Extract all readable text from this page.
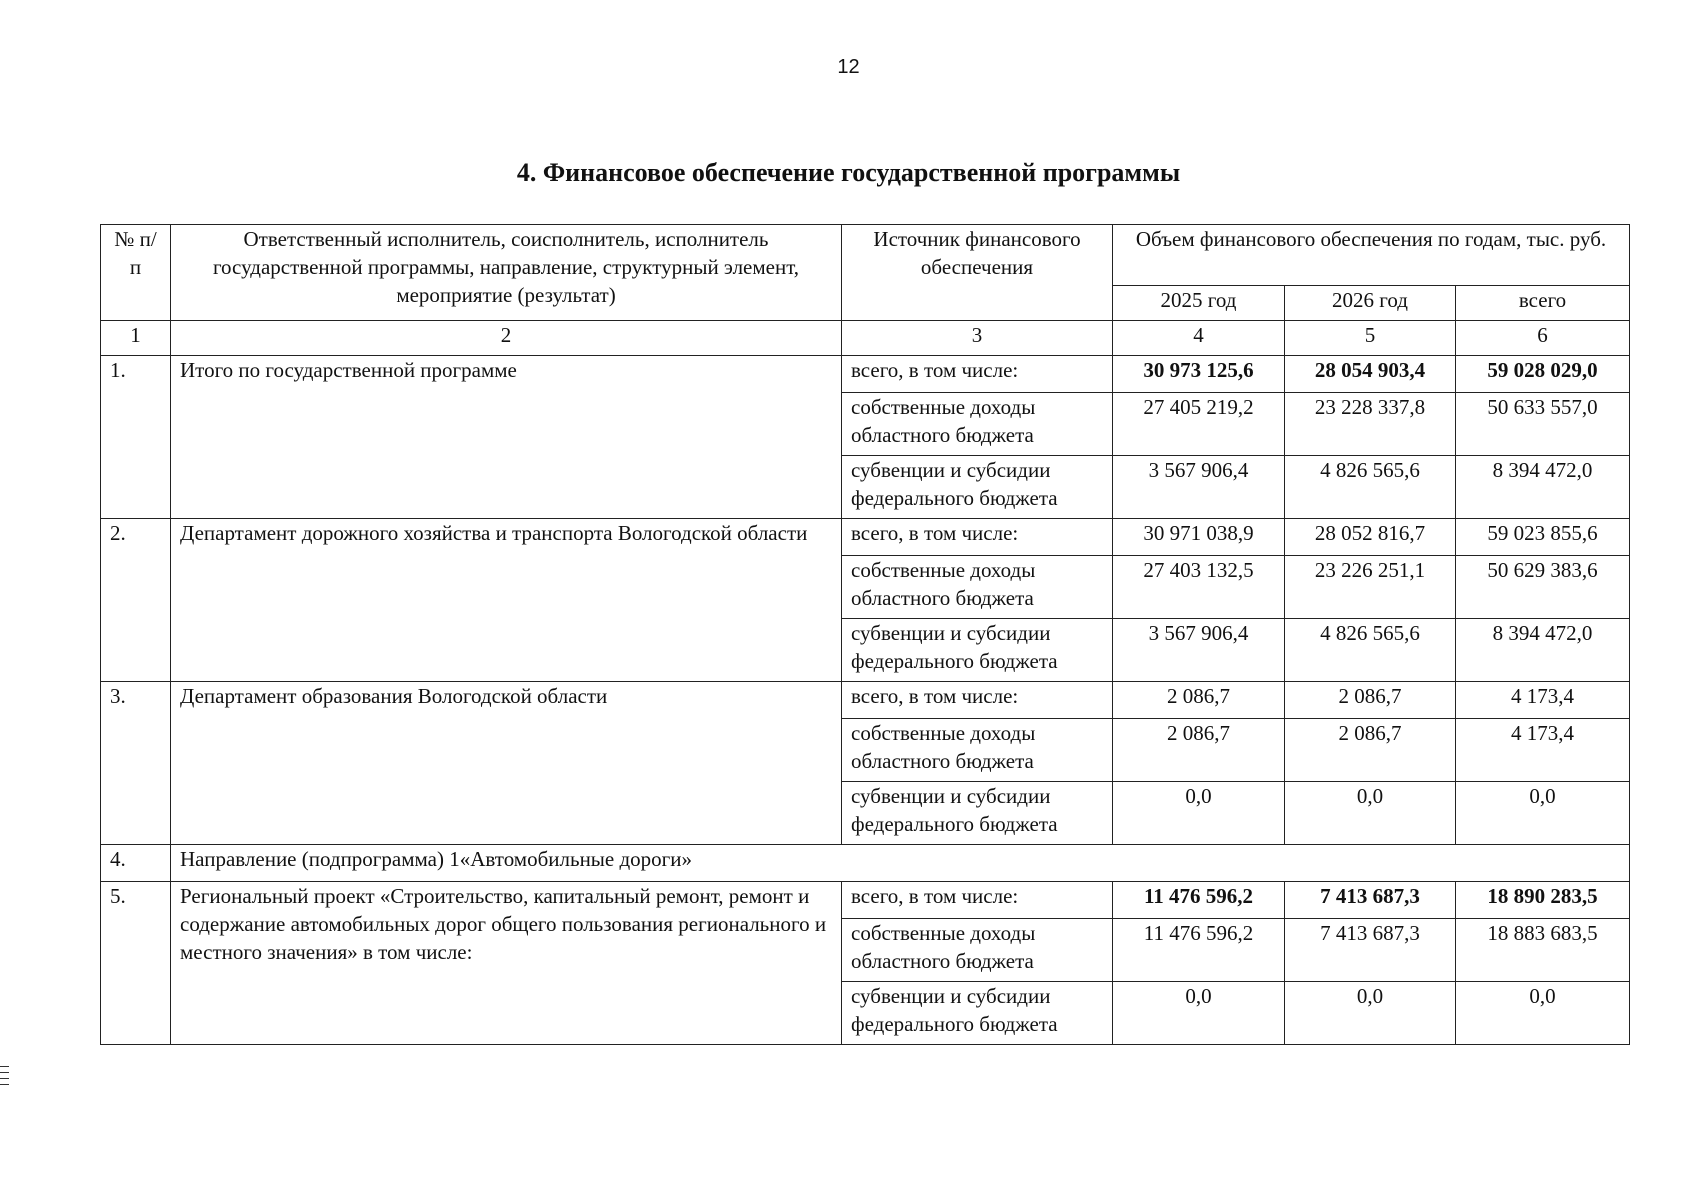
12
4. Финансовое обеспечение государственной программы
№ п/п	Ответственный исполнитель, соисполнитель, исполнитель государственной программы, направление, структурный элемент, мероприятие (результат)	Источник финансового обеспечения	Объем финансового обеспечения по годам, тыс. руб.		
			2025 год	2026 год	всего
1	2	3	4	5	6
1.	Итого по государственной программе	всего, в том числе:	30 973 125,6	28 054 903,4	59 028 029,0
		собственные доходы областного бюджета	27 405 219,2	23 228 337,8	50 633 557,0
		субвенции и субсидии федерального бюджета	3 567 906,4	4 826 565,6	8 394 472,0
2.	Департамент дорожного хозяйства и транспорта Вологодской области	всего, в том числе:	30 971 038,9	28 052 816,7	59 023 855,6
		собственные доходы областного бюджета	27 403 132,5	23 226 251,1	50 629 383,6
		субвенции и субсидии федерального бюджета	3 567 906,4	4 826 565,6	8 394 472,0
3.	Департамент образования Вологодской области	всего, в том числе:	2 086,7	2 086,7	4 173,4
		собственные доходы областного бюджета	2 086,7	2 086,7	4 173,4
		субвенции и субсидии федерального бюджета	0,0	0,0	0,0
4.	Направление (подпрограмма) 1«Автомобильные дороги»				
5.	Региональный проект «Строительство, капитальный ремонт, ремонт и содержание автомобильных дорог общего пользования регионального и местного значения» в том числе:	всего, в том числе:	11 476 596,2	7 413 687,3	18 890 283,5
		собственные доходы областного бюджета	11 476 596,2	7 413 687,3	18 883 683,5
		субвенции и субсидии федерального бюджета	0,0	0,0	0,0
